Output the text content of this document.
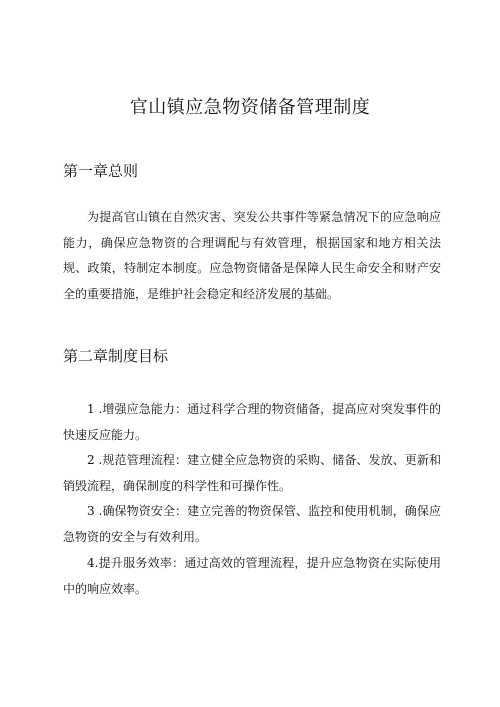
官山镇应急物资储备管理制度
第一章总则

为提高官山镇在自然灾害、突发公共事件等紧急情况下的应急响应能力，确保应急物资的合理调配与有效管理，根据国家和地方相关法规、政策，特制定本制度。应急物资储备是保障人民生命安全和财产安全的重要措施，是维护社会稳定和经济发展的基础。

第二章制度目标

1 .增强应急能力：通过科学合理的物资储备，提高应对突发事件的快速反应能力。

2 .规范管理流程：建立健全应急物资的采购、储备、发放、更新和销毁流程，确保制度的科学性和可操作性。

3 .确保物资安全：建立完善的物资保管、监控和使用机制，确保应急物资的安全与有效利用。

4.提升服务效率：通过高效的管理流程，提升应急物资在实际使用中的响应效率。
